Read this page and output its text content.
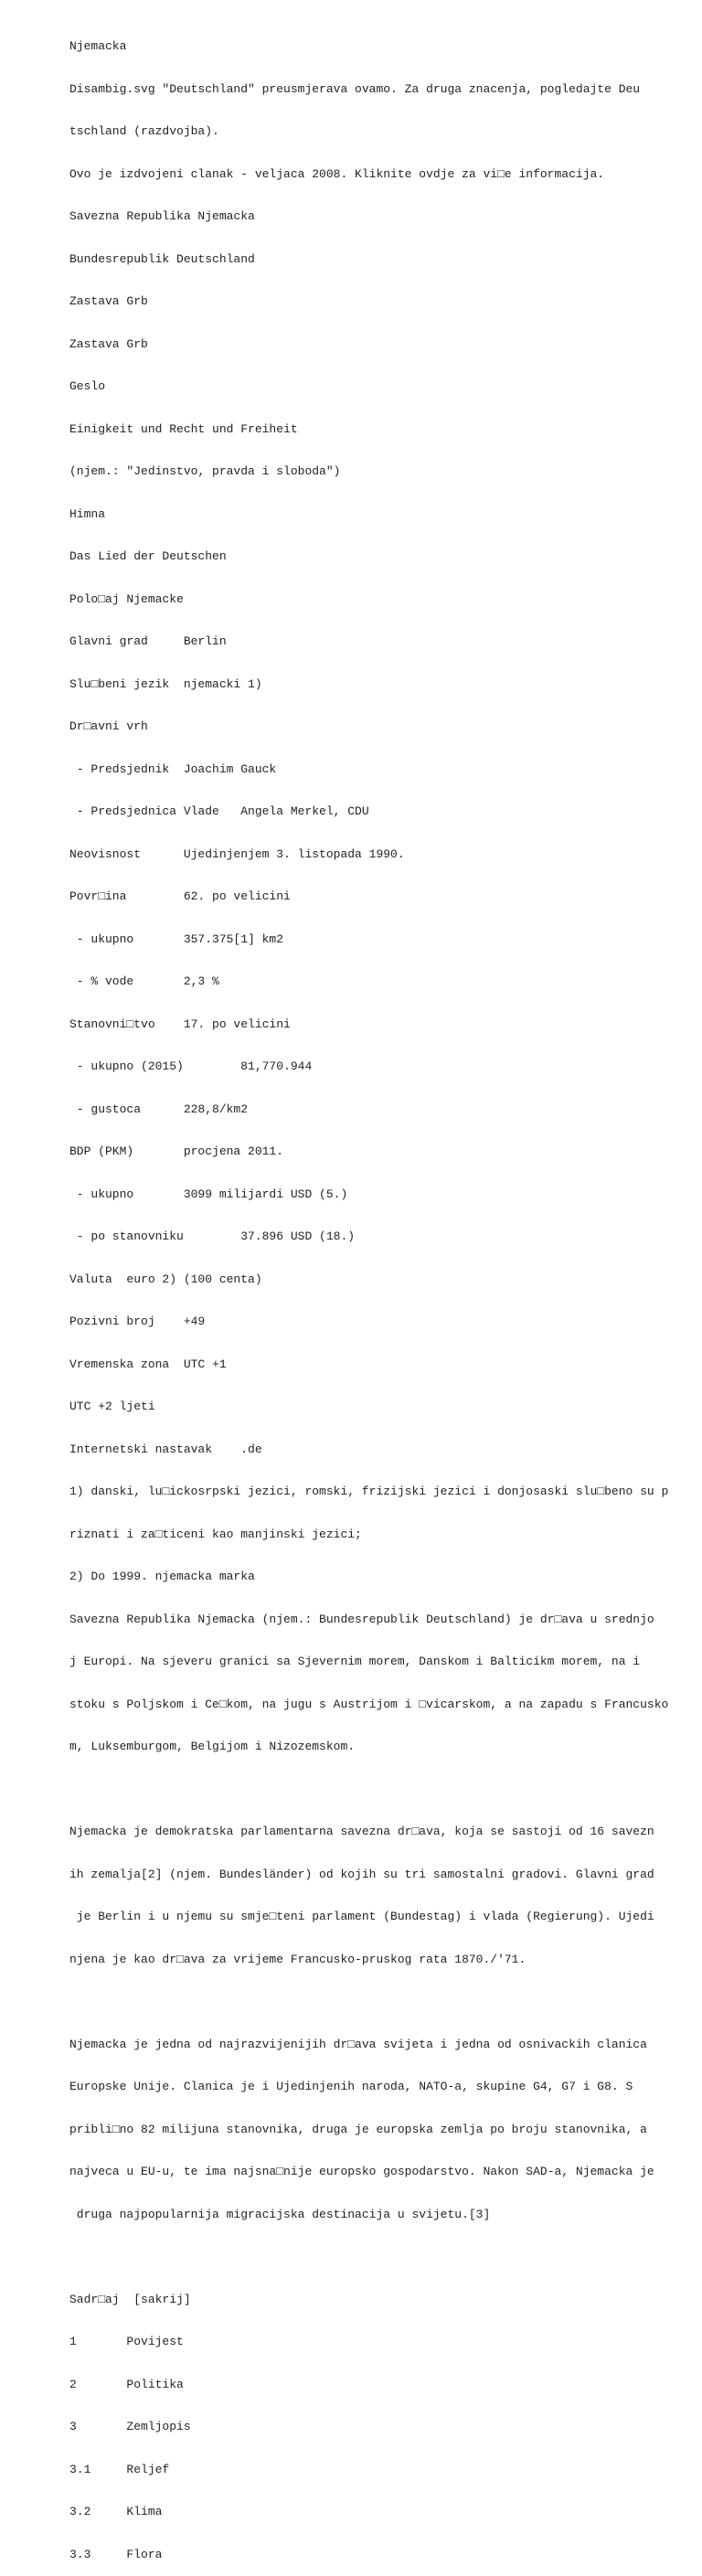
Njemacka

Disambig.svg "Deutschland" preusmjerava ovamo. Za druga znacenja, pogledajte Deu

tschland (razdvojba).

Ovo je izdvojeni clanak - veljaca 2008. Kliknite ovdje za vi□e informacija.

Savezna Republika Njemacka

Bundesrepublik Deutschland

Zastava Grb

Zastava Grb

Geslo

Einigkeit und Recht und Freiheit

(njem.: "Jedinstvo, pravda i sloboda")

Himna

Das Lied der Deutschen

Polo□aj Njemacke

Glavni grad     Berlin

Slu□beni jezik  njemacki 1)

Dr□avni vrh

- Predsjednik  Joachim Gauck

- Predsjednica Vlade   Angela Merkel, CDU

Neovisnost      Ujedinjenjem 3. listopada 1990.

Povr□ina        62. po velicini

- ukupno       357.375[1] km2

- % vode       2,3 %

Stanovni□tvo    17. po velicini

- ukupno (2015)        81,770.944

- gustoca      228,8/km2

BDP (PKM)       procjena 2011.

- ukupno       3099 milijardi USD (5.)

- po stanovniku        37.896 USD (18.)

Valuta  euro 2) (100 centa)

Pozivni broj    +49

Vremenska zona  UTC +1

UTC +2 ljeti

Internetski nastavak    .de

1) danski, lu□ickosrpski jezici, romski, frizijski jezici i donjosaski slu□beno su p

riznati i za□ticeni kao manjinski jezici;

2) Do 1999. njemacka marka

Savezna Republika Njemacka (njem.: Bundesrepublik Deutschland) je dr□ava u srednjo

j Europi. Na sjeveru granici sa Sjevernim morem, Danskom i Balticikm morem, na i

stoku s Poljskom i Ce□kom, na jugu s Austrijom i □vicarskom, a na zapadu s Francusko

m, Luksemburgom, Belgijom i Nizozemskom.

Njemacka je demokratska parlamentarna savezna dr□ava, koja se sastoji od 16 savezn

ih zemalja[2] (njem. Bundesländer) od kojih su tri samostalni gradovi. Glavni grad

je Berlin i u njemu su smje□teni parlament (Bundestag) i vlada (Regierung). Ujedi

njena je kao dr□ava za vrijeme Francusko-pruskog rata 1870./'71.

Njemacka je jedna od najrazvijenijih dr□ava svijeta i jedna od osnivackih clanica

Europske Unije. Clanica je i Ujedinjenih naroda, NATO-a, skupine G4, G7 i G8. S

pribli□no 82 milijuna stanovnika, druga je europska zemlja po broju stanovnika, a

najveca u EU-u, te ima najsna□nije europsko gospodarstvo. Nakon SAD-a, Njemacka je

druga najpopularnija migracijska destinacija u svijetu.[3]

Sadr□aj  [sakrij]

1       Povijest

2       Politika

3       Zemljopis

3.1     Reljef

3.2     Klima

3.3     Flora
